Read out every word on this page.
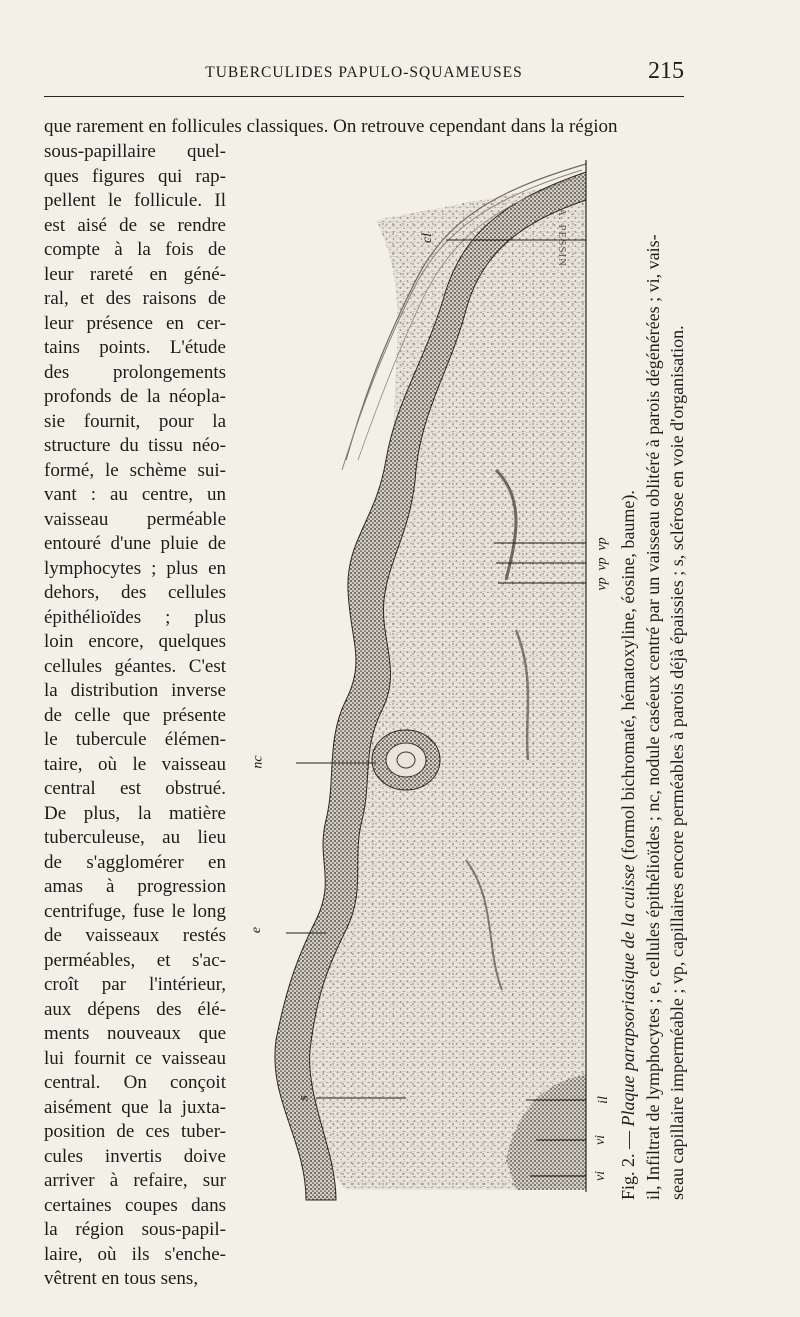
TUBERCULIDES PAPULO-SQUAMEUSES	215
que rarement en follicules classiques. On retrouve cependant dans la région
sous-papillaire quel-
ques figures qui rap-
pellent le follicule. Il
est aisé de se rendre
compte à la fois de
leur rareté en géné-
ral, et des raisons de
leur présence en cer-
tains points. L'étude
des prolongements
profonds de la néopla-
sie fournit, pour la
structure du tissu néo-
formé, le schème sui-
vant : au centre, un
vaisseau perméable
entouré d'une pluie de
lymphocytes ; plus en
dehors, des cellules
épithélioïdes ; plus
loin encore, quelques
cellules géantes. C'est
la distribution inverse
de celle que présente
le tubercule élémen-
taire, où le vaisseau
central est obstrué.
De plus, la matière
tuberculeuse, au lieu
de s'agglomérer en
amas à progression
centrifuge, fuse le long
de vaisseaux restés
perméables, et s'ac-
croît par l'intérieur,
aux dépens des élé-
ments nouveaux que
lui fournit ce vaisseau
central. On conçoit
aisément que la juxta-
position de ces tuber-
cules invertis doive
arriver à refaire, sur
certaines coupes dans
la région sous-papil-
laire, où ils s'enche-
vêtrent en tous sens,
cl
nc
e
s
vp
vp
vp
vi
vi
il
A. PESSIN

Fig. 2. — Plaque parapsoriasique de la cuisse (formol bichromaté, hématoxyline, éosine, baume). il, Infiltrat de lymphocytes ; e, cellules épithélioïdes ; nc, nodule caséeux centré par un vaisseau oblitéré à parois dégénérées ; vi, vais- seau capillaire imperméable ; vp, capillaires encore perméables à parois déjà épaissies ; s, sclérose en voie d'organisation.
